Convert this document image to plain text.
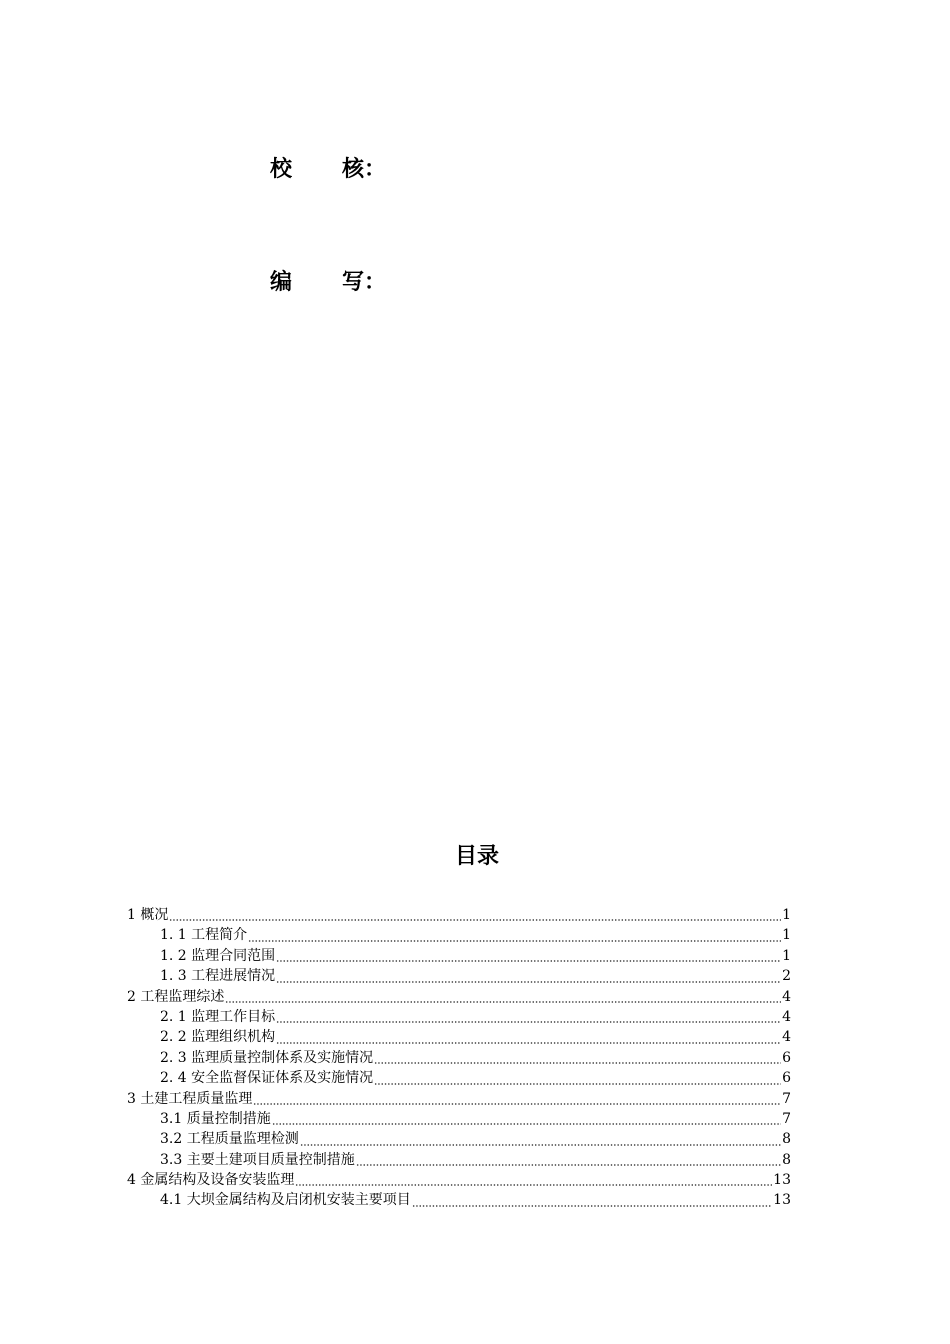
校	核 ：
编	写 ：
目录
1 概况	1
1. 1 工程简介	1
1. 2 监理合同范围	1
1. 3 工程进展情况	2
2 工程监理综述	4
2. 1 监理工作目标	4
2. 2 监理组织机构	4
2. 3 监理质量控制体系及实施情况	6
2. 4 安全监督保证体系及实施情况	6
3 土建工程质量监理	7
3.1 质量控制措施	7
3.2 工程质量监理检测	8
3.3 主要土建项目质量控制措施	8
4 金属结构及设备安装监理	13
4.1 大坝金属结构及启闭机安装主要项目	13
